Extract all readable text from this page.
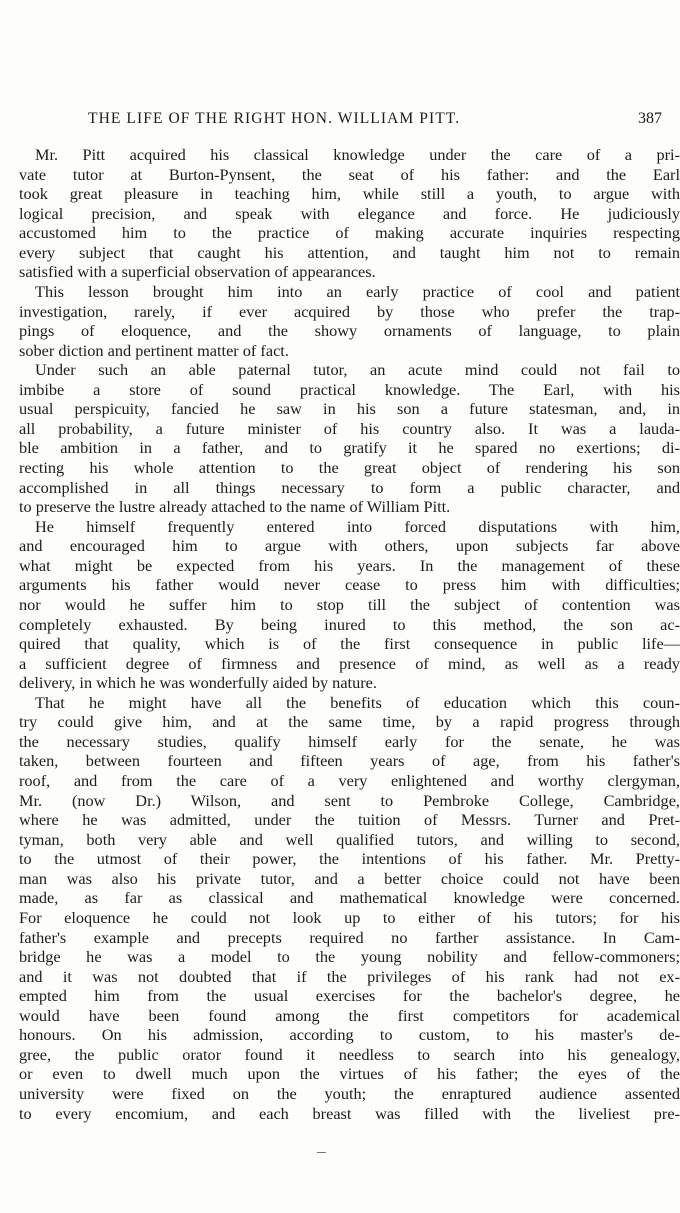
THE LIFE OF THE RIGHT HON. WILLIAM PITT.	387
Mr. Pitt acquired his classical knowledge under the care of a pri-
vate tutor at Burton-Pynsent, the seat of his father: and the Earl
took great pleasure in teaching him, while still a youth, to argue with
logical precision, and speak with elegance and force. He judiciously
accustomed him to the practice of making accurate inquiries respecting
every subject that caught his attention, and taught him not to remain
satisfied with a superficial observation of appearances.
This lesson brought him into an early practice of cool and patient
investigation, rarely, if ever acquired by those who prefer the trap-
pings of eloquence, and the showy ornaments of language, to plain
sober diction and pertinent matter of fact.
Under such an able paternal tutor, an acute mind could not fail to
imbibe a store of sound practical knowledge. The Earl, with his
usual perspicuity, fancied he saw in his son a future statesman, and, in
all probability, a future minister of his country also. It was a lauda-
ble ambition in a father, and to gratify it he spared no exertions; di-
recting his whole attention to the great object of rendering his son
accomplished in all things necessary to form a public character, and
to preserve the lustre already attached to the name of William Pitt.
He himself frequently entered into forced disputations with him,
and encouraged him to argue with others, upon subjects far above
what might be expected from his years. In the management of these
arguments his father would never cease to press him with difficulties;
nor would he suffer him to stop till the subject of contention was
completely exhausted. By being inured to this method, the son ac-
quired that quality, which is of the first consequence in public life—
a sufficient degree of firmness and presence of mind, as well as a ready
delivery, in which he was wonderfully aided by nature.
That he might have all the benefits of education which this coun-
try could give him, and at the same time, by a rapid progress through
the necessary studies, qualify himself early for the senate, he was
taken, between fourteen and fifteen years of age, from his father's
roof, and from the care of a very enlightened and worthy clergyman,
Mr. (now Dr.) Wilson, and sent to Pembroke College, Cambridge,
where he was admitted, under the tuition of Messrs. Turner and Pret-
tyman, both very able and well qualified tutors, and willing to second,
to the utmost of their power, the intentions of his father. Mr. Pretty-
man was also his private tutor, and a better choice could not have been
made, as far as classical and mathematical knowledge were concerned.
For eloquence he could not look up to either of his tutors; for his
father's example and precepts required no farther assistance. In Cam-
bridge he was a model to the young nobility and fellow-commoners;
and it was not doubted that if the privileges of his rank had not ex-
empted him from the usual exercises for the bachelor's degree, he
would have been found among the first competitors for academical
honours. On his admission, according to custom, to his master's de-
gree, the public orator found it needless to search into his genealogy,
or even to dwell much upon the virtues of his father; the eyes of the
university were fixed on the youth; the enraptured audience assented
to every encomium, and each breast was filled with the liveliest pre-
